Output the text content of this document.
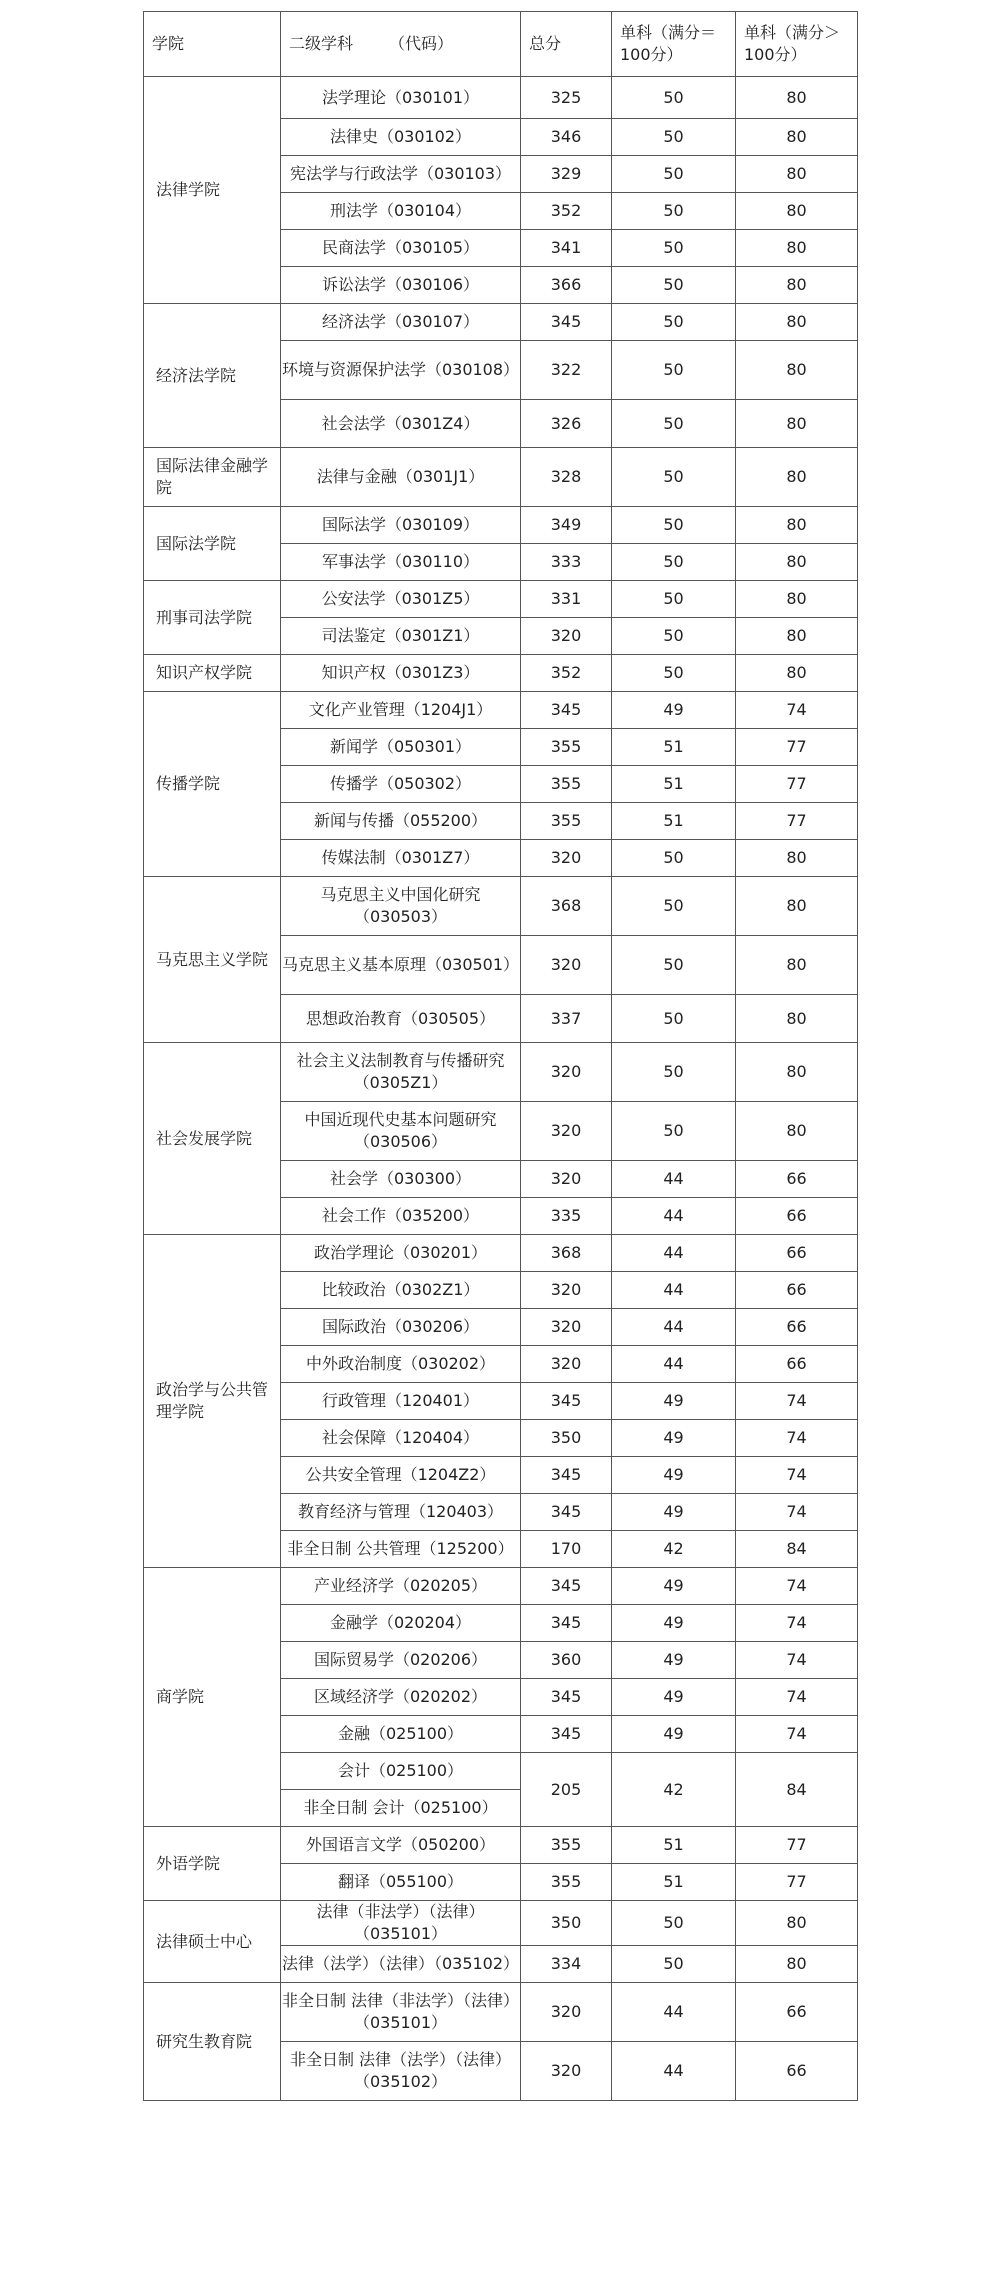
学院	二级学科 （代码）	总分	单科（满分＝100分）	单科（满分＞100分）
法律学院	法学理论（030101）	325	50	80
	法律史（030102）	346	50	80
	宪法学与行政法学（030103）	329	50	80
	刑法学（030104）	352	50	80
	民商法学（030105）	341	50	80
	诉讼法学（030106）	366	50	80
经济法学院	经济法学（030107）	345	50	80
	环境与资源保护法学（030108）	322	50	80
	社会法学（0301Z4）	326	50	80
国际法律金融学院	法律与金融（0301J1）	328	50	80
国际法学院	国际法学（030109）	349	50	80
	军事法学（030110）	333	50	80
刑事司法学院	公安法学（0301Z5）	331	50	80
	司法鉴定（0301Z1）	320	50	80
知识产权学院	知识产权（0301Z3）	352	50	80
传播学院	文化产业管理（1204J1）	345	49	74
	新闻学（050301）	355	51	77
	传播学（050302）	355	51	77
	新闻与传播（055200）	355	51	77
	传媒法制（0301Z7）	320	50	80
马克思主义学院	马克思主义中国化研究（030503）	368	50	80
	马克思主义基本原理（030501）	320	50	80
	思想政治教育（030505）	337	50	80
社会发展学院	社会主义法制教育与传播研究（0305Z1）	320	50	80
	中国近现代史基本问题研究（030506）	320	50	80
	社会学（030300）	320	44	66
	社会工作（035200）	335	44	66
政治学与公共管理学院	政治学理论（030201）	368	44	66
	比较政治（0302Z1）	320	44	66
	国际政治（030206）	320	44	66
	中外政治制度（030202）	320	44	66
	行政管理（120401）	345	49	74
	社会保障（120404）	350	49	74
	公共安全管理（1204Z2）	345	49	74
	教育经济与管理（120403）	345	49	74
	非全日制 公共管理（125200）	170	42	84
商学院	产业经济学（020205）	345	49	74
	金融学（020204）	345	49	74
	国际贸易学（020206）	360	49	74
	区域经济学（020202）	345	49	74
	金融（025100）	345	49	74
	会计（025100）	205	42	84
	非全日制 会计（025100）			
外语学院	外国语言文学（050200）	355	51	77
	翻译（055100）	355	51	77
法律硕士中心	法律（非法学）（法律）（035101）	350	50	80
	法律（法学）（法律）（035102）	334	50	80
研究生教育院	非全日制 法律（非法学）（法律）（035101）	320	44	66
	非全日制 法律（法学）（法律）（035102）	320	44	66
